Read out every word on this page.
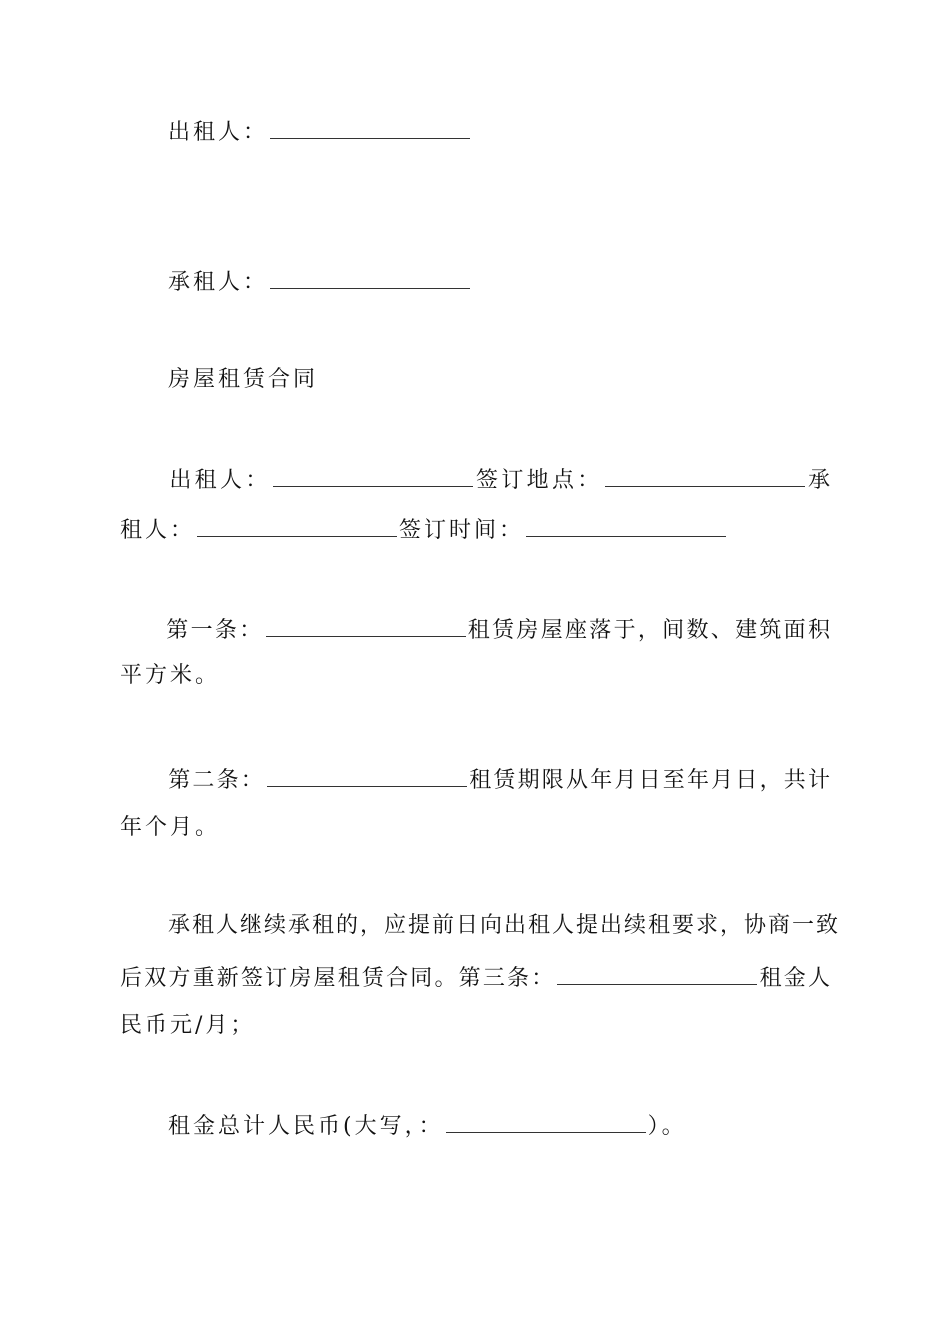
出租人：
承租人：
房屋租赁合同
出租人：	签订地点：	承
租人：	签订时间：
第一条：	租赁房屋座落于，间数、建筑面积
平方米。
第二条：	租赁期限从年月日至年月日，共计
年个月。
承租人继续承租的，应提前日向出租人提出续租要求，协商一致
后双方重新签订房屋租赁合同。第三条：	租金人
民币元/月；
租金总计人民币(大写，：	）。
